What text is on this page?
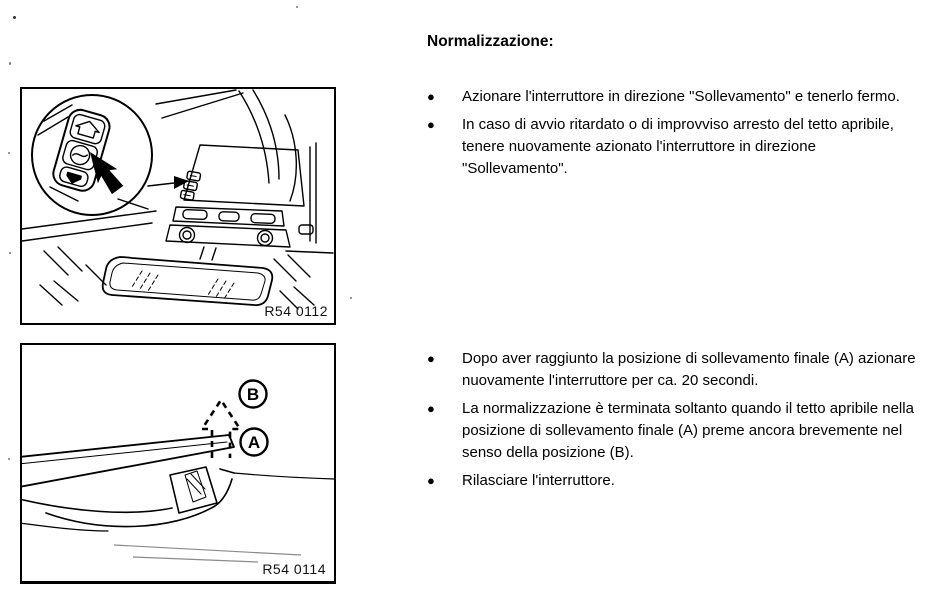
R54 0112
B
A
R54 0114
Normalizzazione:
●	Azionare l'interruttore in direzione "Sollevamento" e tenerlo fermo.
●	In caso di avvio ritardato o di improvviso arresto del tetto apribile, tenere nuovamente azionato l'interruttore in direzione "Sollevamento".
●	Dopo aver raggiunto la posizione di sollevamento finale (A) azionare nuovamente l'interruttore per ca. 20 secondi.
●	La normalizzazione è terminata soltanto quando il tetto apribile nella posizione di sollevamento finale (A) preme ancora brevemente nel senso della posizione (B).
●	Rilasciare l'interruttore.
